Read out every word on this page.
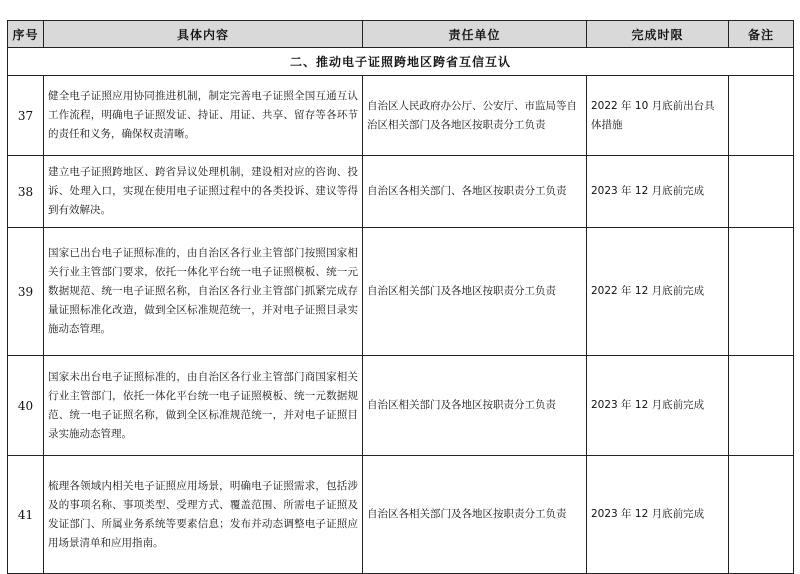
序号	具体内容	责任单位	完成时限	备注
二、推动电子证照跨地区跨省互信互认				
37	健全电子证照应用协同推进机制，制定完善电子证照全国互通互认工作流程，明确电子证照发证、持证、用证、共享、留存等各环节的责任和义务，确保权责清晰。	自治区人民政府办公厅、公安厅、市监局等自治区相关部门及各地区按职责分工负责	2022 年 10 月底前出台具体措施	
38	建立电子证照跨地区、跨省异议处理机制，建设相对应的咨询、投诉、处理入口，实现在使用电子证照过程中的各类投诉、建议等得到有效解决。	自治区各相关部门、各地区按职责分工负责	2023 年 12 月底前完成	
39	国家已出台电子证照标准的，由自治区各行业主管部门按照国家相关行业主管部门要求，依托一体化平台统一电子证照模板、统一元数据规范、统一电子证照名称，自治区各行业主管部门抓紧完成存量证照标准化改造，做到全区标准规范统一，并对电子证照目录实施动态管理。	自治区相关部门及各地区按职责分工负责	2022 年 12 月底前完成	
40	国家未出台电子证照标准的，由自治区各行业主管部门商国家相关行业主管部门，依托一体化平台统一电子证照模板、统一元数据规范、统一电子证照名称，做到全区标准规范统一，并对电子证照目录实施动态管理。	自治区相关部门及各地区按职责分工负责	2023 年 12 月底前完成	
41	梳理各领域内相关电子证照应用场景，明确电子证照需求，包括涉及的事项名称、事项类型、受理方式、覆盖范围、所需电子证照及发证部门、所属业务系统等要素信息；发布并动态调整电子证照应用场景清单和应用指南。	自治区各相关部门及各地区按职责分工负责	2023 年 12 月底前完成	
